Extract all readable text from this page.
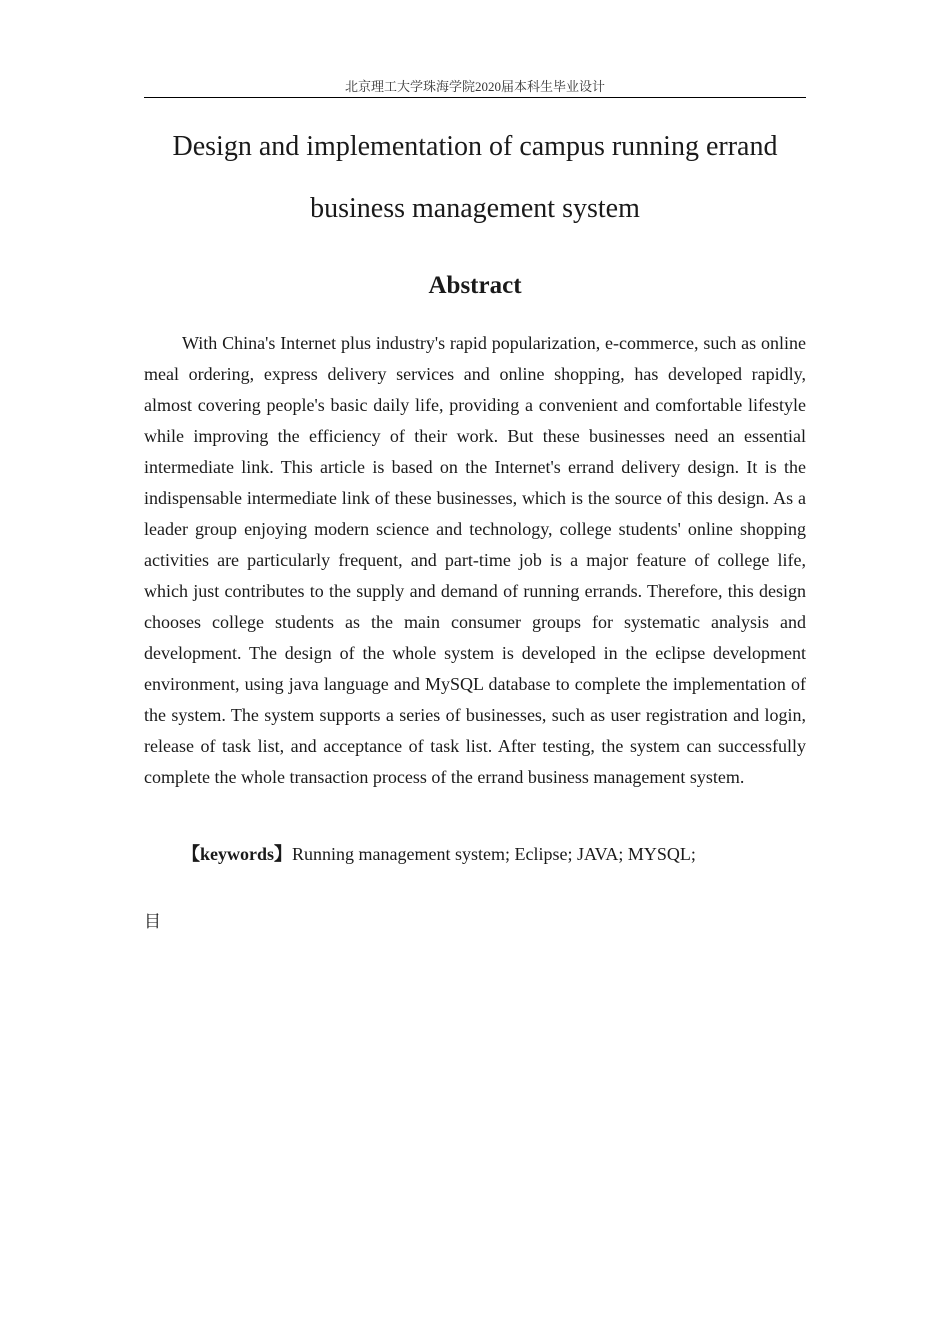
北京理工大学珠海学院2020届本科生毕业设计
Design and implementation of campus running errand
business management system
Abstract

With China's Internet plus industry's rapid popularization, e-commerce, such as online meal ordering, express delivery services and online shopping, has developed rapidly, almost covering people's basic daily life, providing a convenient and comfortable lifestyle while improving the efficiency of their work. But these businesses need an essential intermediate link. This article is based on the Internet's errand delivery design. It is the indispensable intermediate link of these businesses, which is the source of this design. As a leader group enjoying modern science and technology, college students' online shopping activities are particularly frequent, and part-time job is a major feature of college life, which just contributes to the supply and demand of running errands. Therefore, this design chooses college students as the main consumer groups for systematic analysis and development. The design of the whole system is developed in the eclipse development environment, using java language and MySQL database to complete the implementation of the system. The system supports a series of businesses, such as user registration and login, release of task list, and acceptance of task list. After testing, the system can successfully complete the whole transaction process of the errand business management system.

【keywords】Running management system; Eclipse; JAVA; MYSQL;

目
